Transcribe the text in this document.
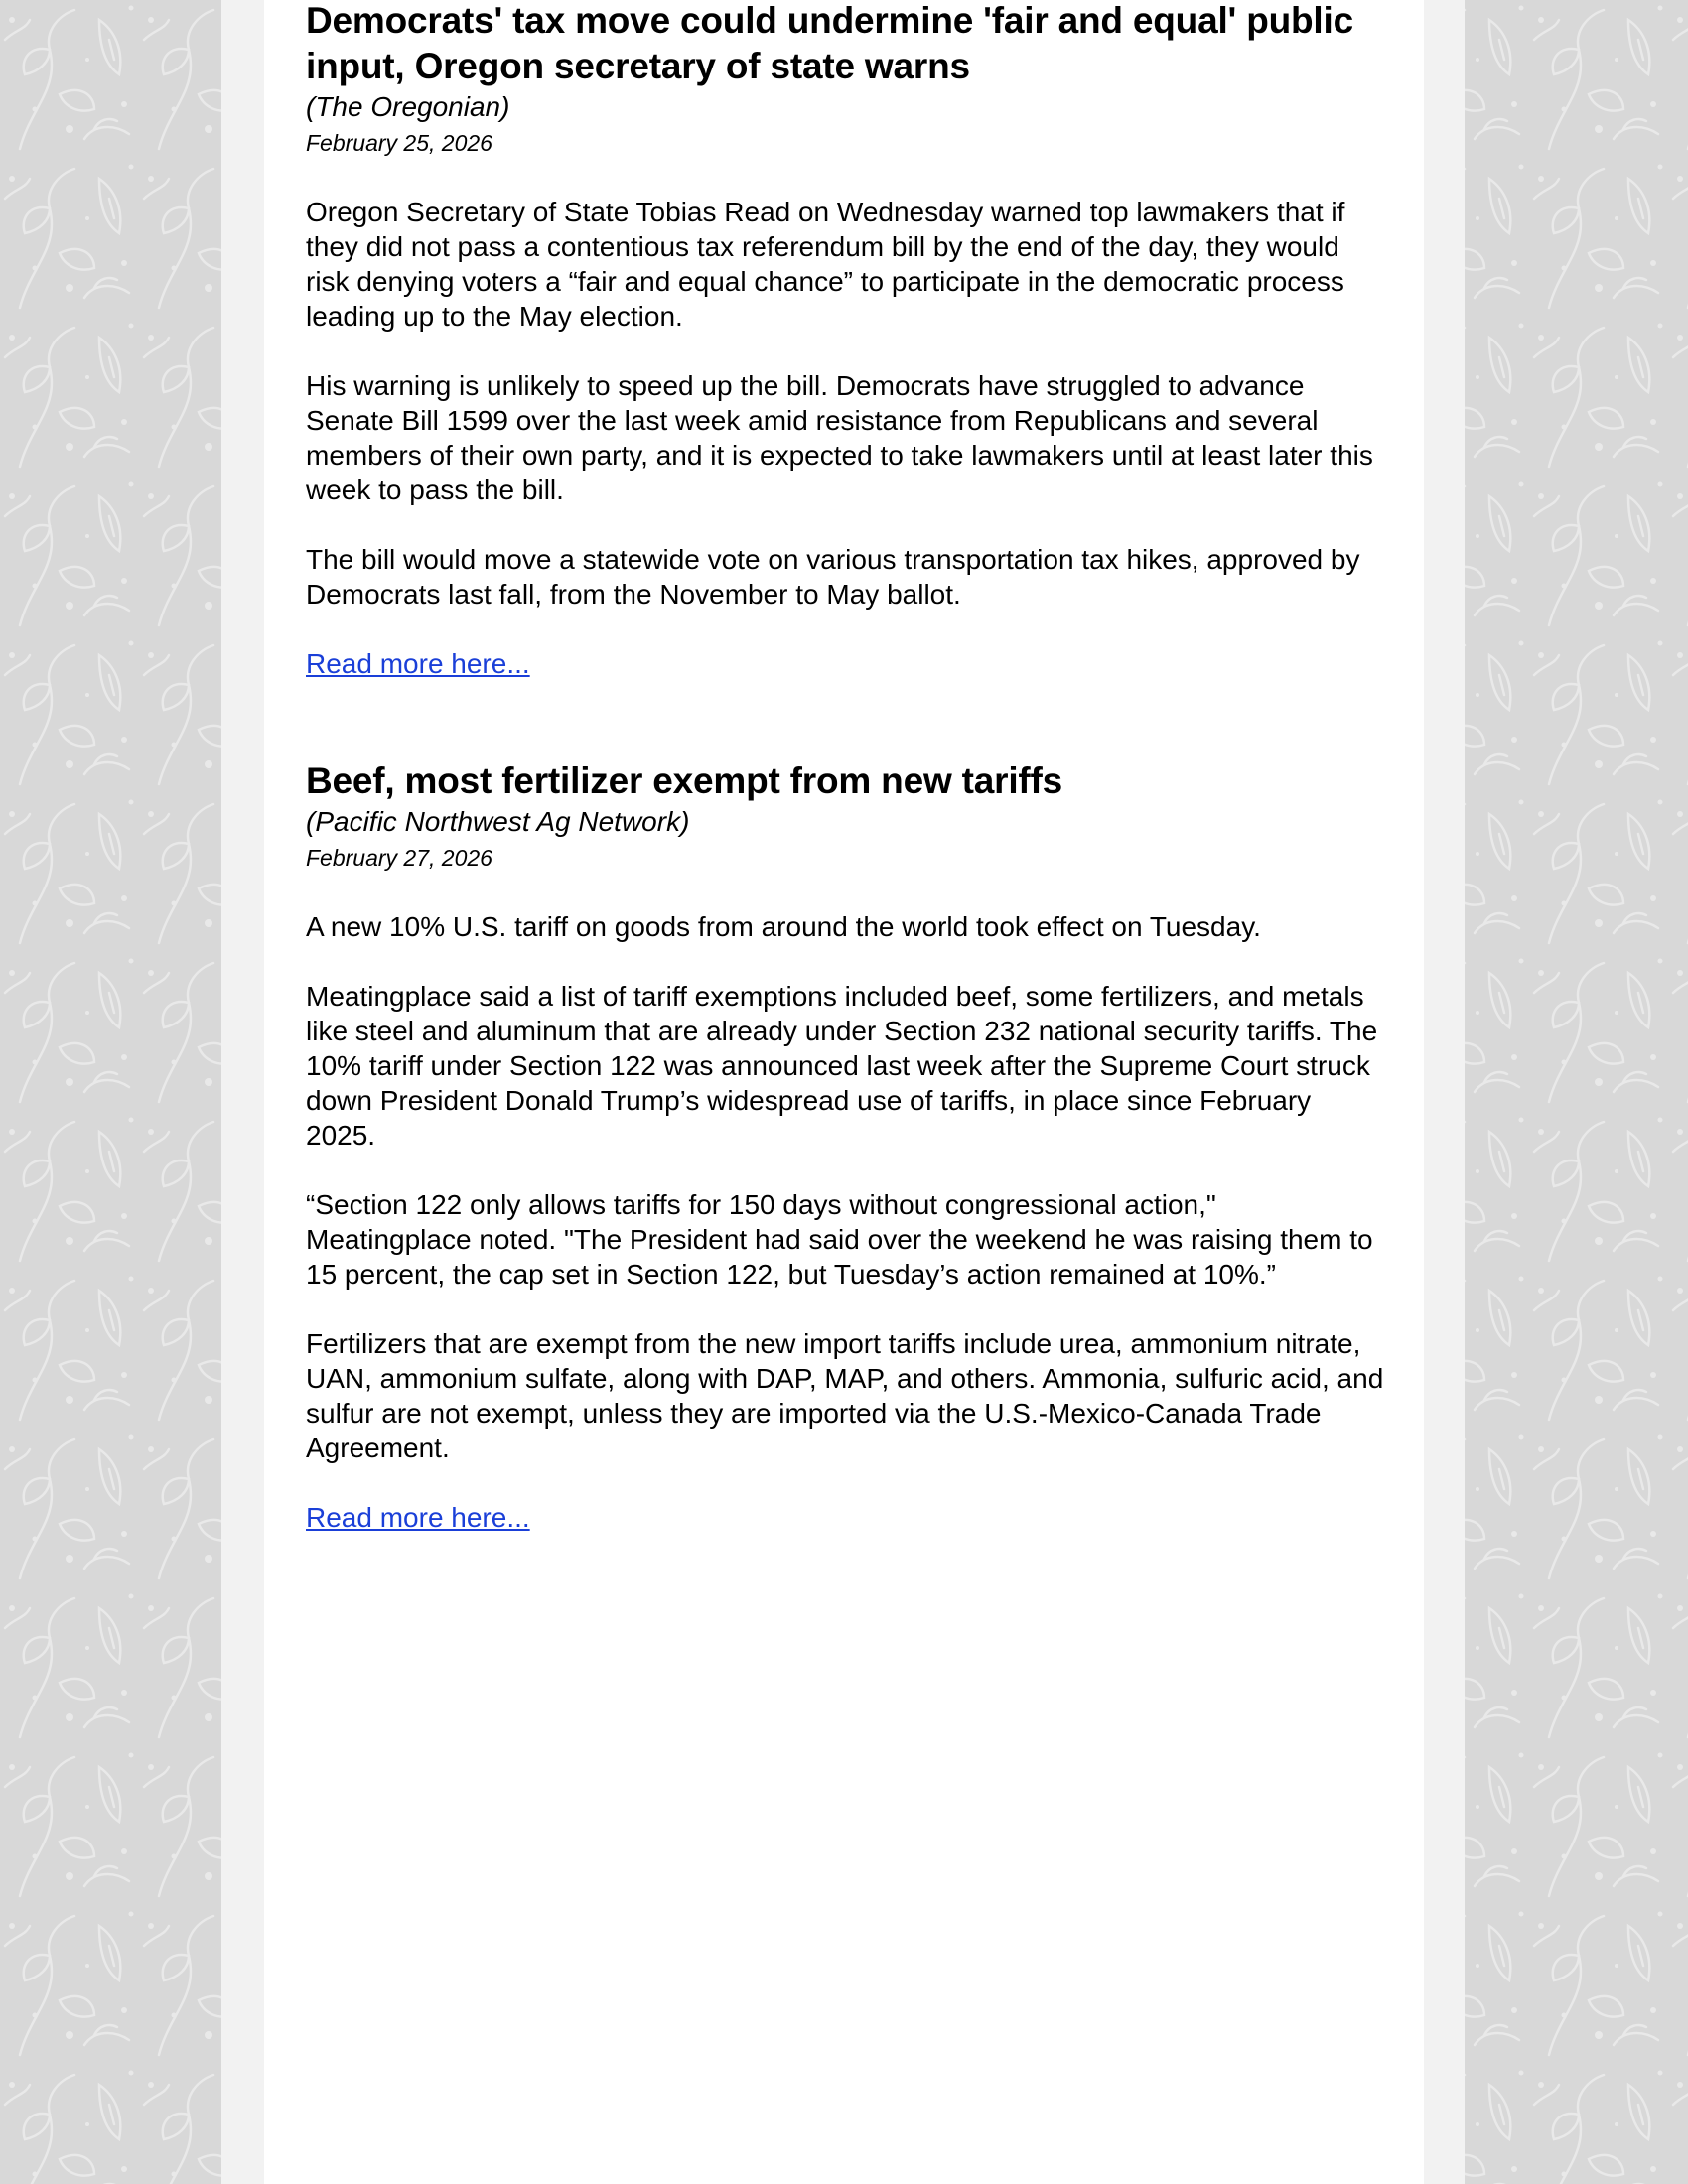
Democrats' tax move could undermine 'fair and equal' public input, Oregon secretary of state warns

(The Oregonian)

February 25, 2026

Oregon Secretary of State Tobias Read on Wednesday warned top lawmakers that if they did not pass a contentious tax referendum bill by the end of the day, they would risk denying voters a “fair and equal chance” to participate in the democratic process leading up to the May election.

His warning is unlikely to speed up the bill. Democrats have struggled to advance Senate Bill 1599 over the last week amid resistance from Republicans and several members of their own party, and it is expected to take lawmakers until at least later this week to pass the bill.

The bill would move a statewide vote on various transportation tax hikes, approved by Democrats last fall, from the November to May ballot.

Read more here...
Beef, most fertilizer exempt from new tariffs

(Pacific Northwest Ag Network)

February 27, 2026

A new 10% U.S. tariff on goods from around the world took effect on Tuesday.

Meatingplace said a list of tariff exemptions included beef, some fertilizers, and metals like steel and aluminum that are already under Section 232 national security tariffs. The 10% tariff under Section 122 was announced last week after the Supreme Court struck down President Donald Trump’s widespread use of tariffs, in place since February 2025.

“Section 122 only allows tariffs for 150 days without congressional action," Meatingplace noted. "The President had said over the weekend he was raising them to 15 percent, the cap set in Section 122, but Tuesday’s action remained at 10%.”

Fertilizers that are exempt from the new import tariffs include urea, ammonium nitrate, UAN, ammonium sulfate, along with DAP, MAP, and others. Ammonia, sulfuric acid, and sulfur are not exempt, unless they are imported via the U.S.-Mexico-Canada Trade Agreement.

Read more here...
